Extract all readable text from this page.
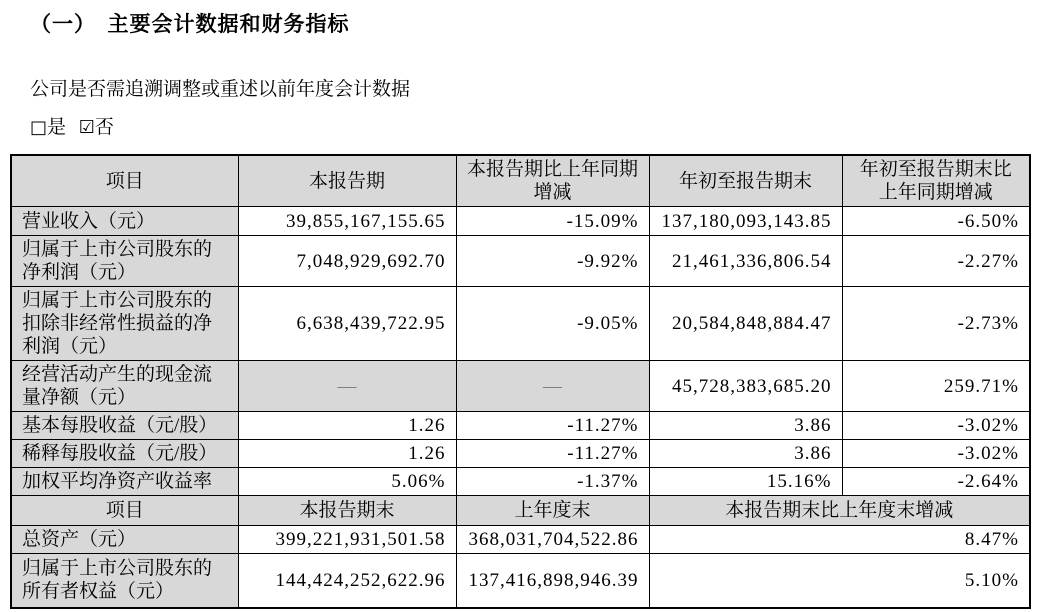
（一）　主要会计数据和财务指标

公司是否需追溯调整或重述以前年度会计数据

□是 ☑否

项目	本报告期	本报告期比上年同期增减	年初至报告期末	年初至报告期末比上年同期增减
营业收入（元）	39,855,167,155.65	-15.09%	137,180,093,143.85	-6.50%
归属于上市公司股东的净利润（元）	7,048,929,692.70	-9.92%	21,461,336,806.54	-2.27%
归属于上市公司股东的扣除非经常性损益的净利润（元）	6,638,439,722.95	-9.05%	20,584,848,884.47	-2.73%
经营活动产生的现金流量净额（元）	—	—	45,728,383,685.20	259.71%
基本每股收益（元/股）	1.26	-11.27%	3.86	-3.02%
稀释每股收益（元/股）	1.26	-11.27%	3.86	-3.02%
加权平均净资产收益率	5.06%	-1.37%	15.16%	-2.64%
项目	本报告期末	上年度末	本报告期末比上年度末增减	
总资产（元）	399,221,931,501.58	368,031,704,522.86	8.47%	
归属于上市公司股东的所有者权益（元）	144,424,252,622.96	137,416,898,946.39	5.10%	
